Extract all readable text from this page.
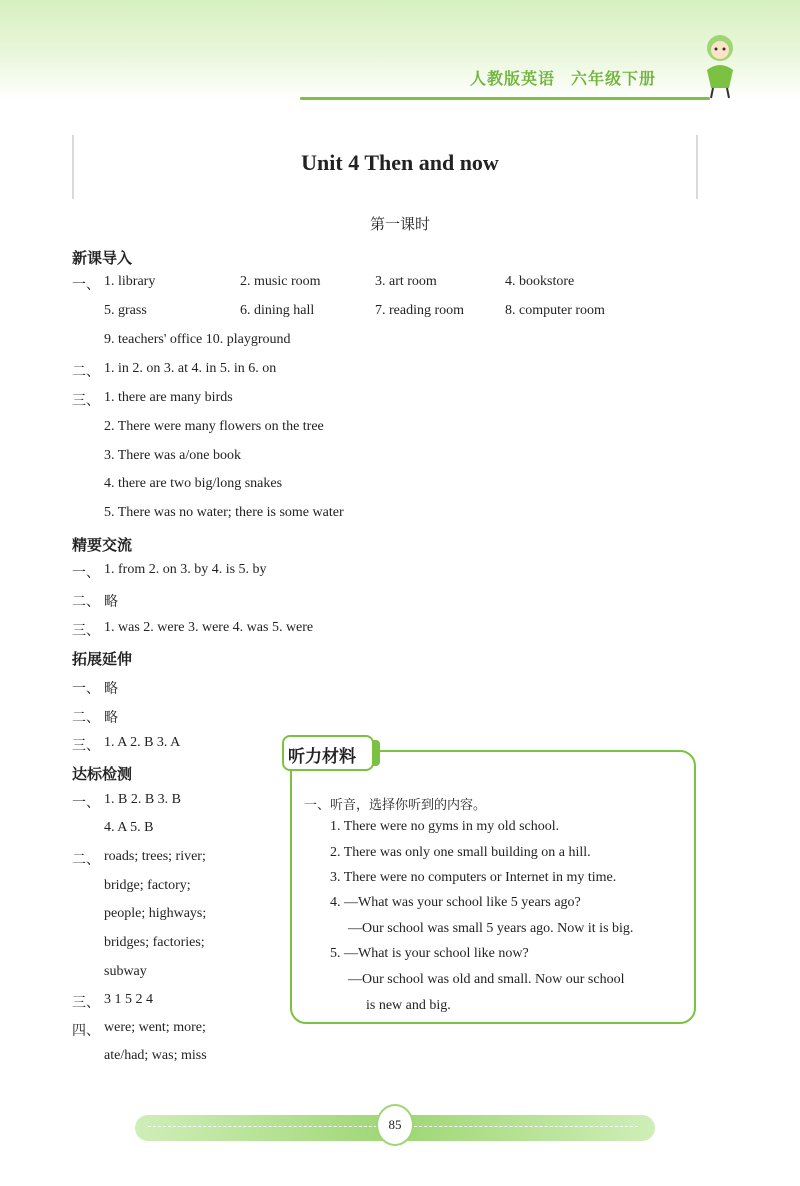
人教版英语 六年级下册
Unit 4 Then and now
第一课时
新课导入
一、 1. library	2. music room	3. art room	4. bookstore
5. grass	6. dining hall	7. reading room	8. computer room
9. teachers' office 10. playground
二、 1. in 2. on 3. at 4. in 5. in 6. on
三、 1. there are many birds
2. There were many flowers on the tree
3. There was a/one book
4. there are two big/long snakes
5. There was no water; there is some water
精要交流
一、 1. from 2. on 3. by 4. is 5. by
二、 略
三、 1. was 2. were 3. were 4. was 5. were
拓展延伸
一、 略
二、 略
三、 1. A 2. B 3. A
达标检测
一、 1. B 2. B 3. B
4. A 5. B
二、 roads; trees; river;
bridge; factory;
people; highways;
bridges; factories;
subway
三、 3 1 5 2 4
四、 were; went; more;
ate/had; was; miss
听力材料
一、听音，选择你听到的内容。
1. There were no gyms in my old school.
2. There was only one small building on a hill.
3. There were no computers or Internet in my time.
4. —What was your school like 5 years ago?
—Our school was small 5 years ago. Now it is big.
5. —What is your school like now?
—Our school was old and small. Now our school
is new and big.
85
